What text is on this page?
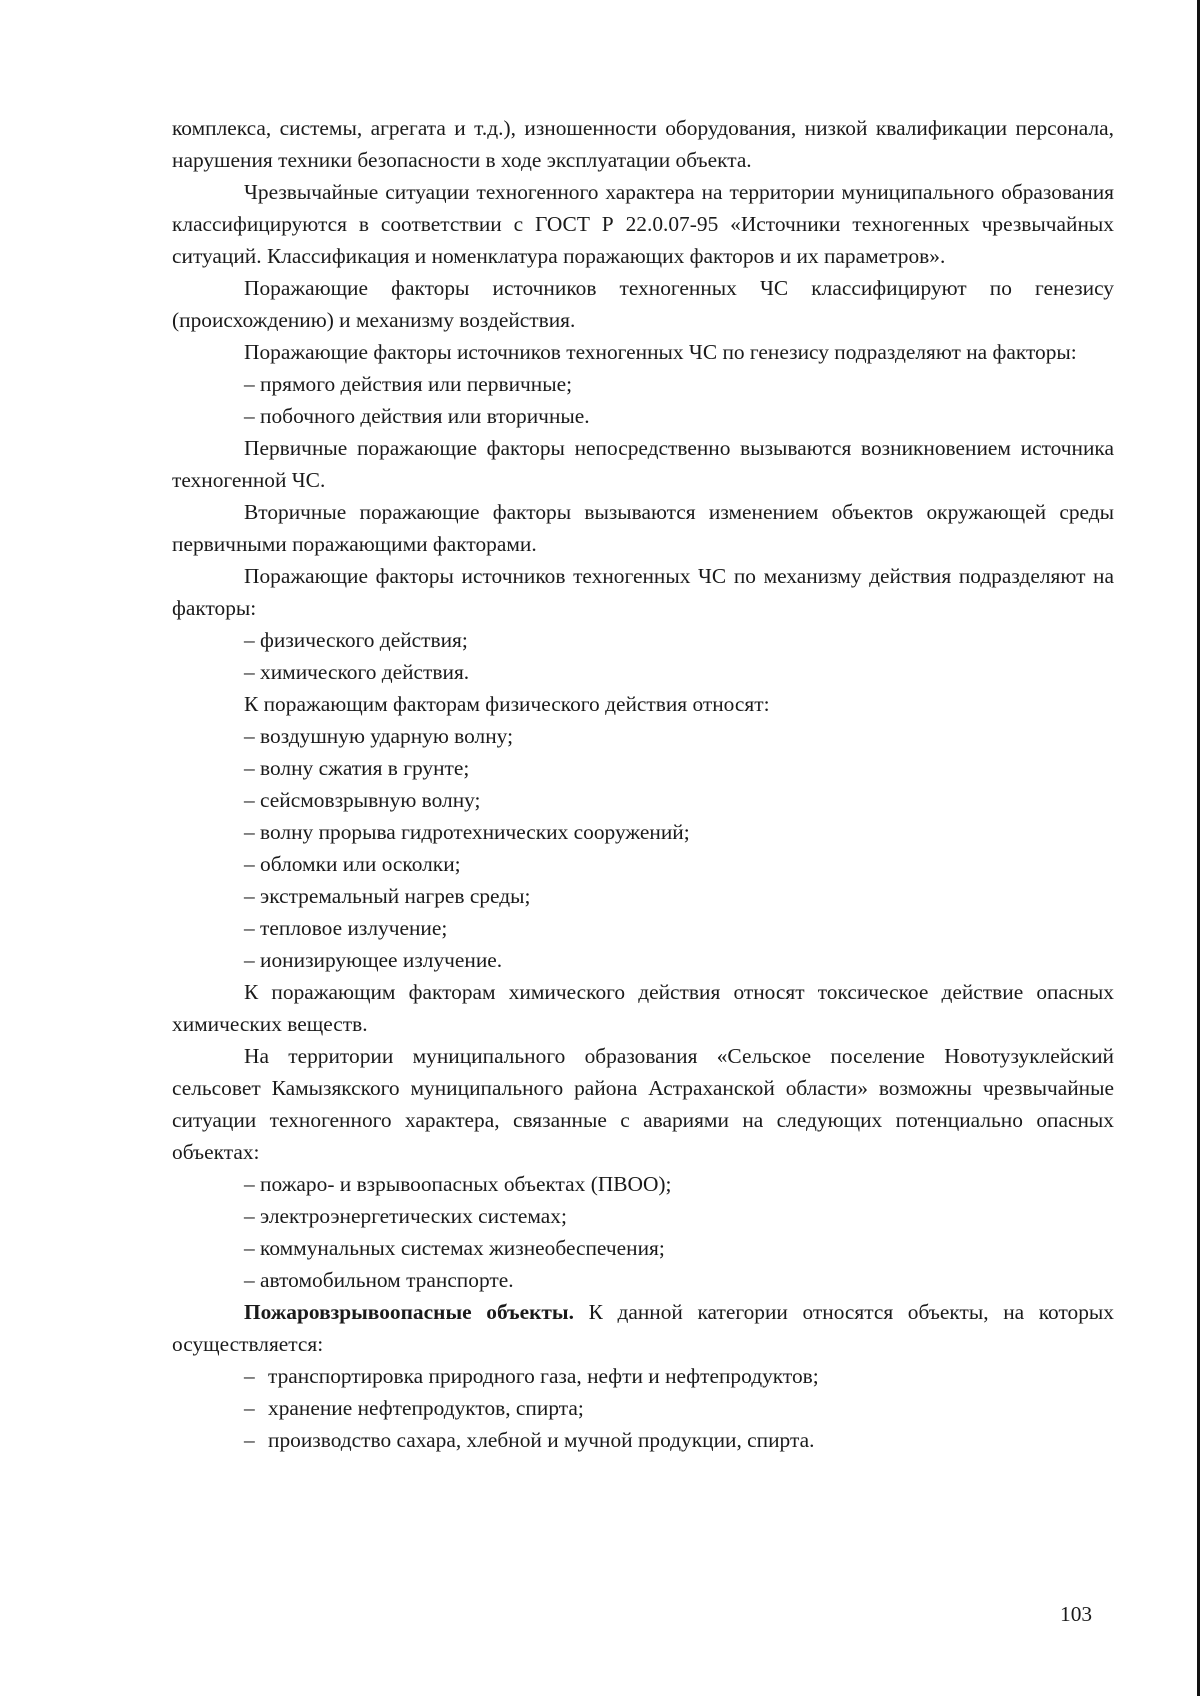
комплекса, системы, агрегата и т.д.), изношенности оборудования, низкой квалификации персонала, нарушения техники безопасности в ходе эксплуатации объекта.

Чрезвычайные ситуации техногенного характера на территории муниципального образования классифицируются в соответствии с ГОСТ Р 22.0.07-95 «Источники техногенных чрезвычайных ситуаций. Классификация и номенклатура поражающих факторов и их параметров».

Поражающие факторы источников техногенных ЧС классифицируют по генезису (происхождению) и механизму воздействия.

Поражающие факторы источников техногенных ЧС по генезису подразделяют на факторы:

– прямого действия или первичные;

– побочного действия или вторичные.

Первичные поражающие факторы непосредственно вызываются возникновением источника техногенной ЧС.

Вторичные поражающие факторы вызываются изменением объектов окружающей среды первичными поражающими факторами.

Поражающие факторы источников техногенных ЧС по механизму действия подразделяют на факторы:

– физического действия;

– химического действия.

К поражающим факторам физического действия относят:

– воздушную ударную волну;

– волну сжатия в грунте;

– сейсмовзрывную волну;

– волну прорыва гидротехнических сооружений;

– обломки или осколки;

– экстремальный нагрев среды;

– тепловое излучение;

– ионизирующее излучение.

К поражающим факторам химического действия относят токсическое действие опасных химических веществ.

На территории муниципального образования «Сельское поселение Новотузуклейский сельсовет Камызякского муниципального района Астраханской области» возможны чрезвычайные ситуации техногенного характера, связанные с авариями на следующих потенциально опасных объектах:

– пожаро- и взрывоопасных объектах (ПВОО);

– электроэнергетических системах;

– коммунальных системах жизнеобеспечения;

– автомобильном транспорте.

Пожаровзрывоопасные объекты. К данной категории относятся объекты, на которых осуществляется:

– транспортировка природного газа, нефти и нефтепродуктов;

– хранение нефтепродуктов, спирта;

– производство сахара, хлебной и мучной продукции, спирта.

103
